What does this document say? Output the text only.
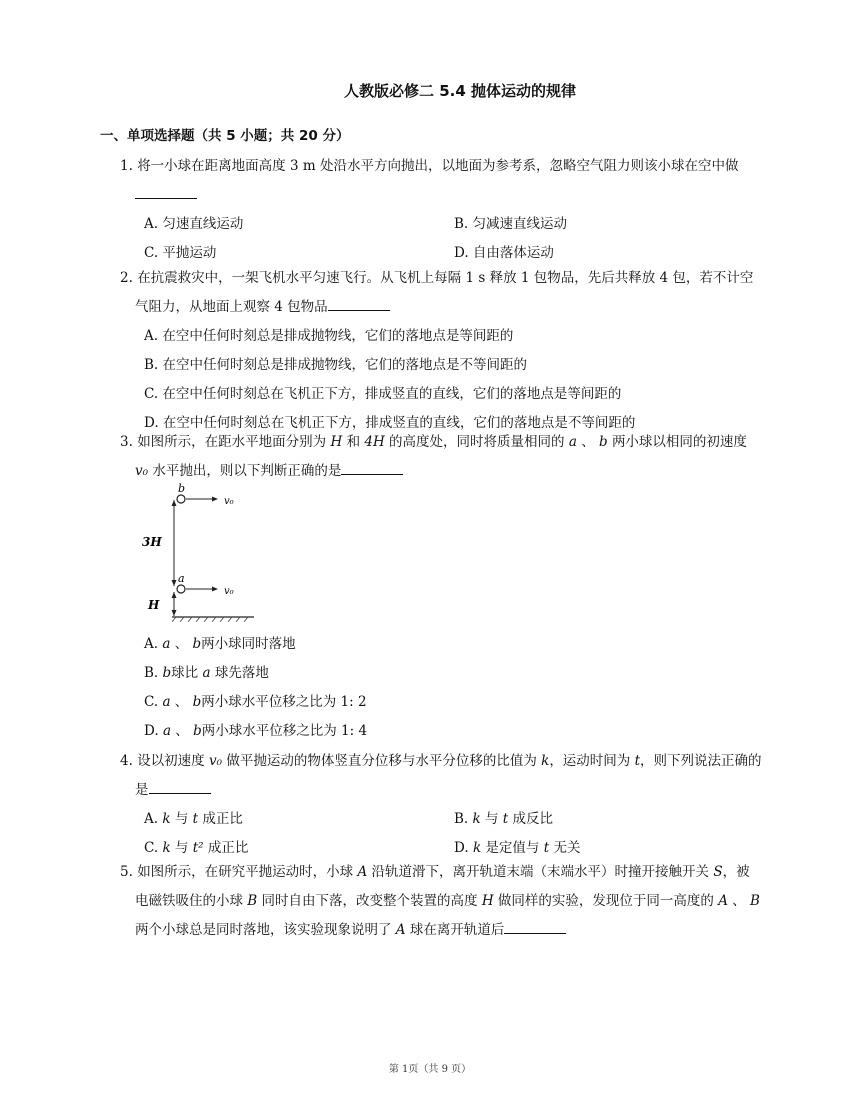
人教版必修二 5.4 抛体运动的规律
一、单项选择题（共 5 小题；共 20 分）
1. 将一小球在距离地面高度 3 m 处沿水平方向抛出，以地面为参考系，忽略空气阻力则该小球在空中做
A. 匀速直线运动	B. 匀减速直线运动
C. 平抛运动	D. 自由落体运动
2. 在抗震救灾中，一架飞机水平匀速飞行。从飞机上每隔 1 s 释放 1 包物品，先后共释放 4 包，若不计空气阻力，从地面上观察 4 包物品
A. 在空中任何时刻总是排成抛物线，它们的落地点是等间距的
B. 在空中任何时刻总是排成抛物线，它们的落地点是不等间距的
C. 在空中任何时刻总在飞机正下方，排成竖直的直线，它们的落地点是等间距的
D. 在空中任何时刻总在飞机正下方，排成竖直的直线，它们的落地点是不等间距的
3. 如图所示，在距水平地面分别为 H 和 4H 的高度处，同时将质量相同的 a 、 b 两小球以相同的初速度 v₀ 水平抛出，则以下判断正确的是
b
v₀
3H
a
v₀
H
A. a 、 b两小球同时落地
B. b球比 a 球先落地
C. a 、 b两小球水平位移之比为 1: 2
D. a 、 b两小球水平位移之比为 1: 4
4. 设以初速度 v₀ 做平抛运动的物体竖直分位移与水平分位移的比值为 k，运动时间为 t，则下列说法正确的是
A. k 与 t 成正比	B. k 与 t 成反比
C. k 与 t² 成正比	D. k 是定值与 t 无关
5. 如图所示，在研究平抛运动时，小球 A 沿轨道滑下，离开轨道末端（末端水平）时撞开接触开关 S，被电磁铁吸住的小球 B 同时自由下落，改变整个装置的高度 H 做同样的实验，发现位于同一高度的 A 、 B 两个小球总是同时落地，该实验现象说明了 A 球在离开轨道后
第 1页（共 9 页）
